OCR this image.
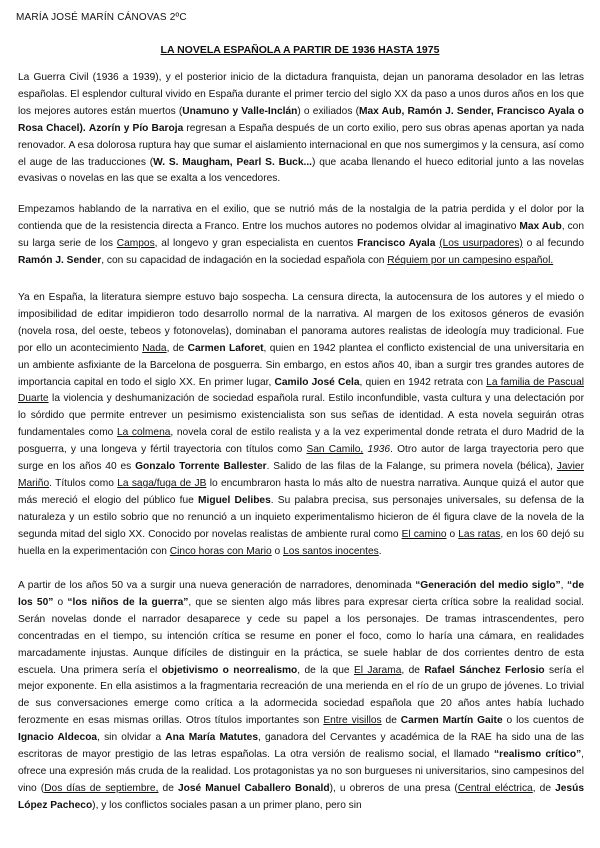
MARÍA JOSÉ MARÍN CÁNOVAS 2ºC
LA NOVELA ESPAÑOLA A PARTIR DE 1936 HASTA 1975

La Guerra Civil (1936 a 1939), y el posterior inicio de la dictadura franquista, dejan un panorama desolador en las letras españolas. El esplendor cultural vivido en España durante el primer tercio del siglo XX da paso a unos duros años en los que los mejores autores están muertos (Unamuno y Valle-Inclán) o exiliados (Max Aub, Ramón J. Sender, Francisco Ayala o Rosa Chacel). Azorín y Pío Baroja regresan a España después de un corto exilio, pero sus obras apenas aportan ya nada renovador. A esa dolorosa ruptura hay que sumar el aislamiento internacional en que nos sumergimos y la censura, así como el auge de las traducciones (W. S. Maugham, Pearl S. Buck...) que acaba llenando el hueco editorial junto a las novelas evasivas o novelas en las que se exalta a los vencedores.

Empezamos hablando de la narrativa en el exilio, que se nutrió más de la nostalgia de la patria perdida y el dolor por la contienda que de la resistencia directa a Franco. Entre los muchos autores no podemos olvidar al imaginativo Max Aub, con su larga serie de los Campos, al longevo y gran especialista en cuentos Francisco Ayala (Los usurpadores) o al fecundo Ramón J. Sender, con su capacidad de indagación en la sociedad española con Réquiem por un campesino español.

Ya en España, la literatura siempre estuvo bajo sospecha. La censura directa, la autocensura de los autores y el miedo o imposibilidad de editar impidieron todo desarrollo normal de la narrativa. Al margen de los exitosos géneros de evasión (novela rosa, del oeste, tebeos y fotonovelas), dominaban el panorama autores realistas de ideología muy tradicional. Fue por ello un acontecimiento Nada, de Carmen Laforet, quien en 1942 plantea el conflicto existencial de una universitaria en un ambiente asfixiante de la Barcelona de posguerra. Sin embargo, en estos años 40, iban a surgir tres grandes autores de importancia capital en todo el siglo XX. En primer lugar, Camilo José Cela, quien en 1942 retrata con La familia de Pascual Duarte la violencia y deshumanización de sociedad española rural. Estilo inconfundible, vasta cultura y una delectación por lo sórdido que permite entrever un pesimismo existencialista son sus señas de identidad. A esta novela seguirán otras fundamentales como La colmena, novela coral de estilo realista y a la vez experimental donde retrata el duro Madrid de la posguerra, y una longeva y fértil trayectoria con títulos como San Camilo, 1936. Otro autor de larga trayectoria pero que surge en los años 40 es Gonzalo Torrente Ballester. Salido de las filas de la Falange, su primera novela (bélica), Javier Mariño. Títulos como La saga/fuga de JB lo encumbraron hasta lo más alto de nuestra narrativa. Aunque quizá el autor que más mereció el elogio del público fue Miguel Delibes. Su palabra precisa, sus personajes universales, su defensa de la naturaleza y un estilo sobrio que no renunció a un inquieto experimentalismo hicieron de él figura clave de la novela de la segunda mitad del siglo XX. Conocido por novelas realistas de ambiente rural como El camino o Las ratas, en los 60 dejó su huella en la experimentación con Cinco horas con Mario o Los santos inocentes.

A partir de los años 50 va a surgir una nueva generación de narradores, denominada “Generación del medio siglo”, “de los 50” o “los niños de la guerra”, que se sienten algo más libres para expresar cierta crítica sobre la realidad social. Serán novelas donde el narrador desaparece y cede su papel a los personajes. De tramas intrascendentes, pero concentradas en el tiempo, su intención crítica se resume en poner el foco, como lo haría una cámara, en realidades marcadamente injustas. Aunque difíciles de distinguir en la práctica, se suele hablar de dos corrientes dentro de esta escuela. Una primera sería el objetivismo o neorrealismo, de la que El Jarama, de Rafael Sánchez Ferlosio sería el mejor exponente. En ella asistimos a la fragmentaria recreación de una merienda en el río de un grupo de jóvenes. Lo trivial de sus conversaciones emerge como crítica a la adormecida sociedad española que 20 años antes había luchado ferozmente en esas mismas orillas. Otros títulos importantes son Entre visillos de Carmen Martín Gaite o los cuentos de Ignacio Aldecoa, sin olvidar a Ana María Matutes, ganadora del Cervantes y académica de la RAE ha sido una de las escritoras de mayor prestigio de las letras españolas. La otra versión de realismo social, el llamado “realismo crítico”, ofrece una expresión más cruda de la realidad. Los protagonistas ya no son burgueses ni universitarios, sino campesinos del vino (Dos días de septiembre, de José Manuel Caballero Bonald), u obreros de una presa (Central eléctrica, de Jesús López Pacheco), y los conflictos sociales pasan a un primer plano, pero sin
